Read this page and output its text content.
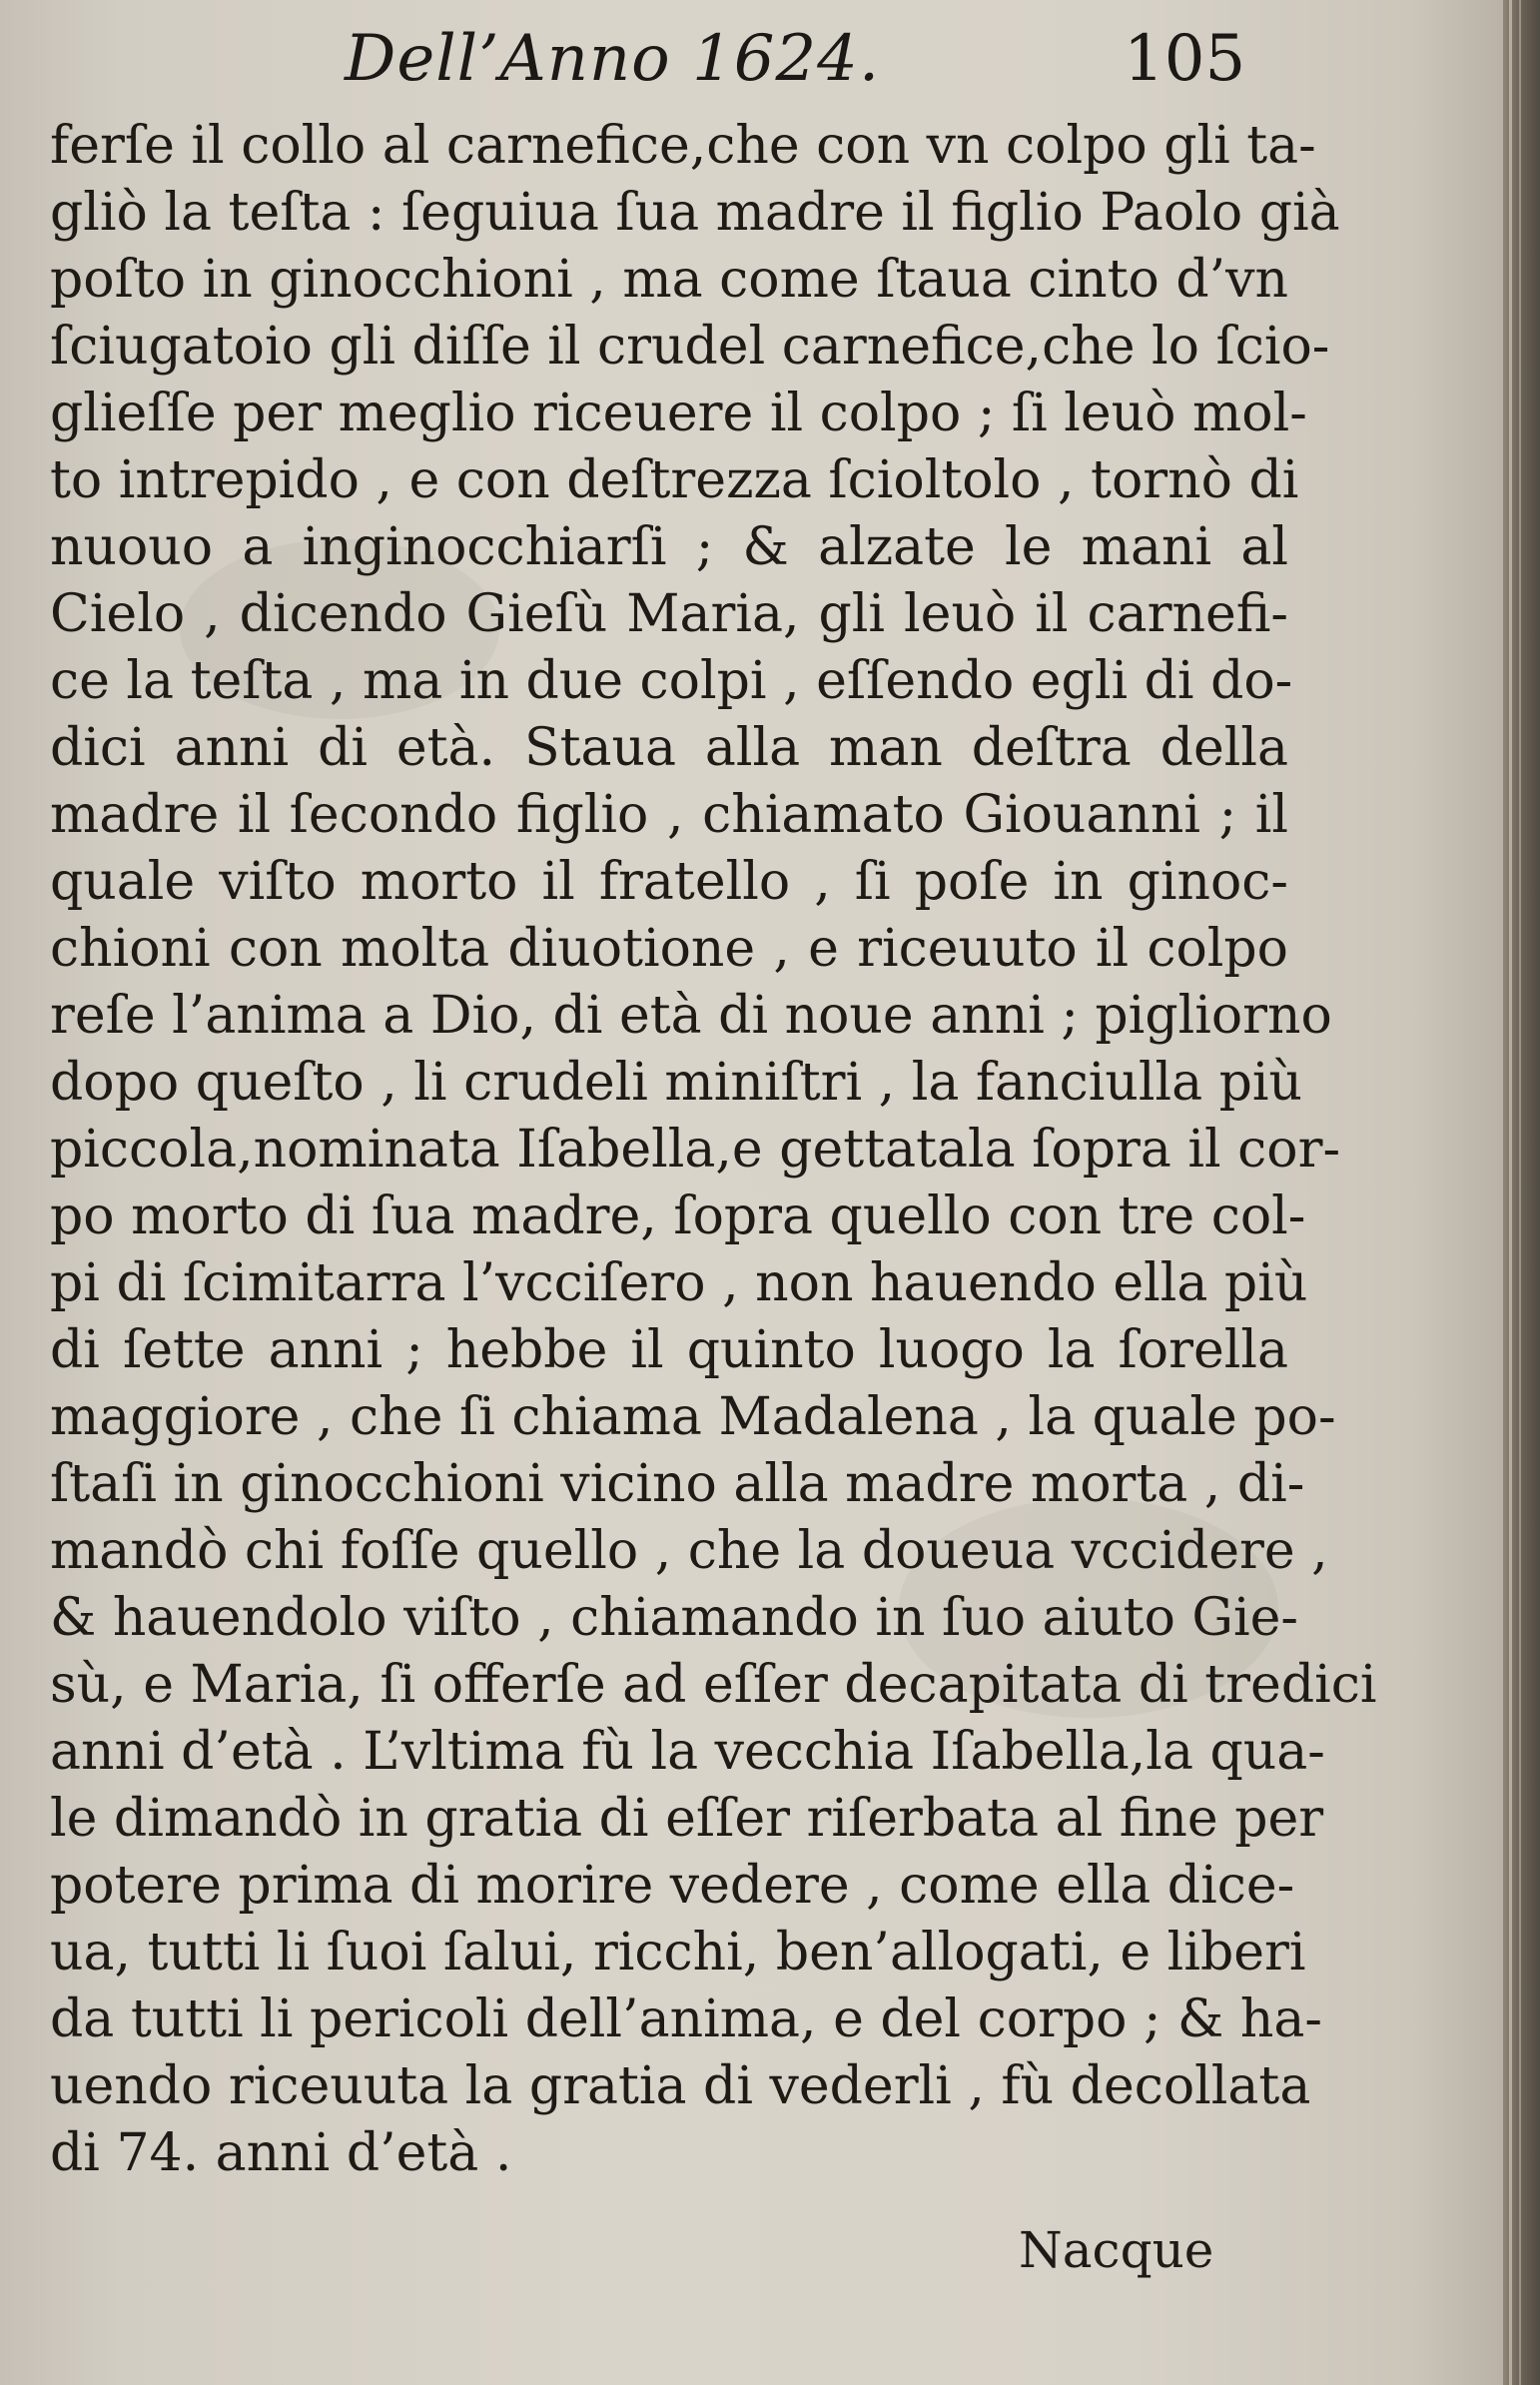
Dell’Anno 1624.	105
ferſe il collo al carnefice,che con vn colpo gli ta-
gliò la teſta : ſeguiua ſua madre il figlio Paolo già
poſto in ginocchioni , ma come ſtaua cinto d’vn
ſciugatoio gli diſſe il crudel carnefice,che lo ſcio-
glieſſe per meglio riceuere il colpo ; ſi leuò mol-
to intrepido , e con deſtrezza ſcioltolo , tornò di
nuouo a inginocchiarſi ; & alzate le mani al
Cielo , dicendo Gieſù Maria, gli leuò il carnefi-
ce la teſta , ma in due colpi , eſſendo egli di do-
dici anni di età. Staua alla man deſtra della
madre il ſecondo figlio , chiamato Giouanni ; il
quale viſto morto il fratello , ſi poſe in ginoc-
chioni con molta diuotione , e riceuuto il colpo
reſe l’anima a Dio, di età di noue anni ; pigliorno
dopo queſto , li crudeli miniſtri , la fanciulla più
piccola,nominata Iſabella,e gettatala ſopra il cor-
po morto di ſua madre, ſopra quello con tre col-
pi di ſcimitarra l’vcciſero , non hauendo ella più
di ſette anni ; hebbe il quinto luogo la ſorella
maggiore , che ſi chiama Madalena , la quale po-
ſtaſi in ginocchioni vicino alla madre morta , di-
mandò chi foſſe quello , che la doueua vccidere ,
& hauendolo viſto , chiamando in ſuo aiuto Gie-
sù, e Maria, ſi offerſe ad eſſer decapitata di tredici
anni d’età . L’vltima fù la vecchia Iſabella,la qua-
le dimandò in gratia di eſſer riſerbata al fine per
potere prima di morire vedere , come ella dice-
ua, tutti li ſuoi ſalui, ricchi, ben’allogati, e liberi
da tutti li pericoli dell’anima, e del corpo ; & ha-
uendo riceuuta la gratia di vederli , fù decollata
di 74. anni d’età .
Nacque
